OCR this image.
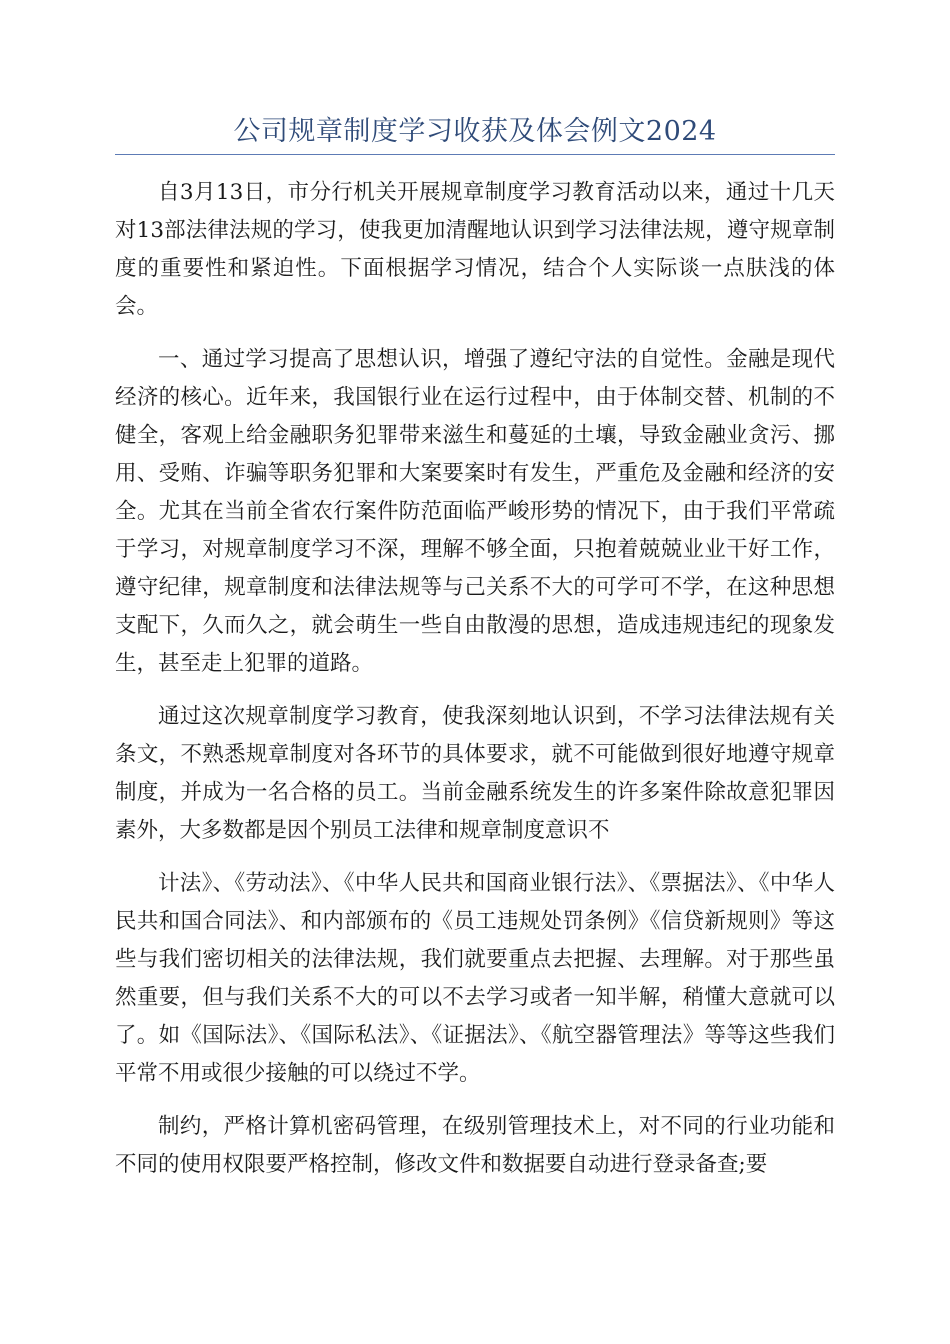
公司规章制度学习收获及体会例文2024

自3月13日，市分行机关开展规章制度学习教育活动以来，通过十几天对13部法律法规的学习，使我更加清醒地认识到学习法律法规，遵守规章制度的重要性和紧迫性。下面根据学习情况，结合个人实际谈一点肤浅的体会。

一、通过学习提高了思想认识，增强了遵纪守法的自觉性。金融是现代经济的核心。近年来，我国银行业在运行过程中，由于体制交替、机制的不健全，客观上给金融职务犯罪带来滋生和蔓延的土壤，导致金融业贪污、挪用、受贿、诈骗等职务犯罪和大案要案时有发生，严重危及金融和经济的安全。尤其在当前全省农行案件防范面临严峻形势的情况下，由于我们平常疏于学习，对规章制度学习不深，理解不够全面，只抱着兢兢业业干好工作，遵守纪律，规章制度和法律法规等与己关系不大的可学可不学，在这种思想支配下，久而久之，就会萌生一些自由散漫的思想，造成违规违纪的现象发生，甚至走上犯罪的道路。

通过这次规章制度学习教育，使我深刻地认识到，不学习法律法规有关条文，不熟悉规章制度对各环节的具体要求，就不可能做到很好地遵守规章制度，并成为一名合格的员工。当前金融系统发生的许多案件除故意犯罪因素外，大多数都是因个别员工法律和规章制度意识不

计法》、《劳动法》、《中华人民共和国商业银行法》、《票据法》、《中华人民共和国合同法》、和内部颁布的《员工违规处罚条例》《信贷新规则》等这些与我们密切相关的法律法规，我们就要重点去把握、去理解。对于那些虽然重要，但与我们关系不大的可以不去学习或者一知半解，稍懂大意就可以了。如《国际法》、《国际私法》、《证据法》、《航空器管理法》等等这些我们平常不用或很少接触的可以绕过不学。

制约，严格计算机密码管理，在级别管理技术上，对不同的行业功能和不同的使用权限要严格控制，修改文件和数据要自动进行登录备查;要
